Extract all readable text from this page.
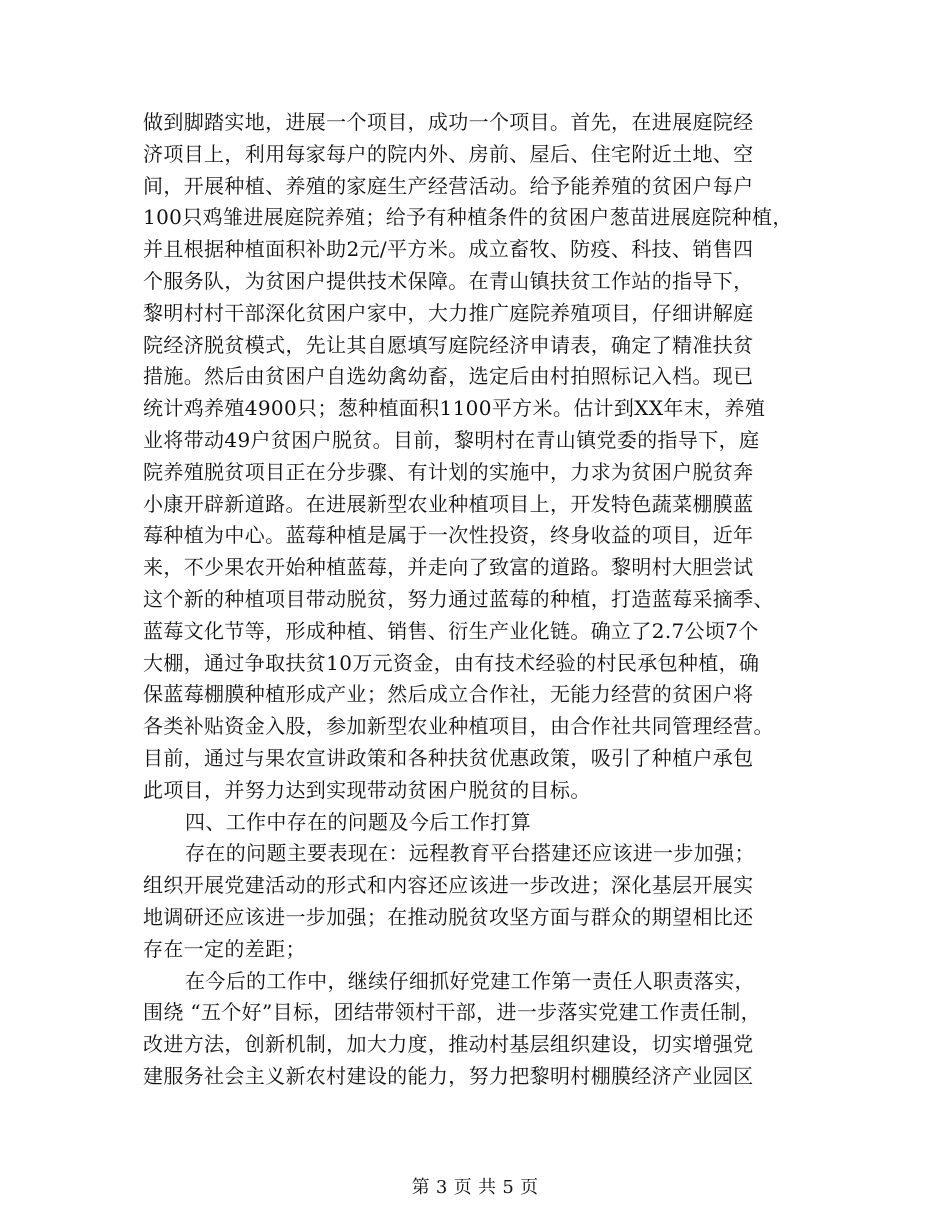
做到脚踏实地，进展一个项目，成功一个项目。首先，在进展庭院经
济项目上，利用每家每户的院内外、房前、屋后、住宅附近土地、空
间，开展种植、养殖的家庭生产经营活动。给予能养殖的贫困户每户
100只鸡雏进展庭院养殖；给予有种植条件的贫困户葱苗进展庭院种植，
并且根据种植面积补助2元/平方米。成立畜牧、防疫、科技、销售四
个服务队，为贫困户提供技术保障。在青山镇扶贫工作站的指导下，
黎明村村干部深化贫困户家中，大力推广庭院养殖项目，仔细讲解庭
院经济脱贫模式，先让其自愿填写庭院经济申请表，确定了精准扶贫
措施。然后由贫困户自选幼禽幼畜，选定后由村拍照标记入档。现已
统计鸡养殖4900只；葱种植面积1100平方米。估计到XX年末，养殖
业将带动49户贫困户脱贫。目前，黎明村在青山镇党委的指导下，庭
院养殖脱贫项目正在分步骤、有计划的实施中，力求为贫困户脱贫奔
小康开辟新道路。在进展新型农业种植项目上，开发特色蔬菜棚膜蓝
莓种植为中心。蓝莓种植是属于一次性投资，终身收益的项目，近年
来，不少果农开始种植蓝莓，并走向了致富的道路。黎明村大胆尝试
这个新的种植项目带动脱贫，努力通过蓝莓的种植，打造蓝莓采摘季、
蓝莓文化节等，形成种植、销售、衍生产业化链。确立了2.7公顷7个
大棚，通过争取扶贫10万元资金，由有技术经验的村民承包种植，确
保蓝莓棚膜种植形成产业；然后成立合作社，无能力经营的贫困户将
各类补贴资金入股，参加新型农业种植项目，由合作社共同管理经营。
目前，通过与果农宣讲政策和各种扶贫优惠政策，吸引了种植户承包
此项目，并努力达到实现带动贫困户脱贫的目标。
四、工作中存在的问题及今后工作打算
存在的问题主要表现在：远程教育平台搭建还应该进一步加强；
组织开展党建活动的形式和内容还应该进一步改进；深化基层开展实
地调研还应该进一步加强；在推动脱贫攻坚方面与群众的期望相比还
存在一定的差距；
在今后的工作中，继续仔细抓好党建工作第一责任人职责落实，
围绕 “五个好”目标，团结带领村干部，进一步落实党建工作责任制，
改进方法，创新机制，加大力度，推动村基层组织建设，切实增强党
建服务社会主义新农村建设的能力，努力把黎明村棚膜经济产业园区
第 3 页 共 5 页
